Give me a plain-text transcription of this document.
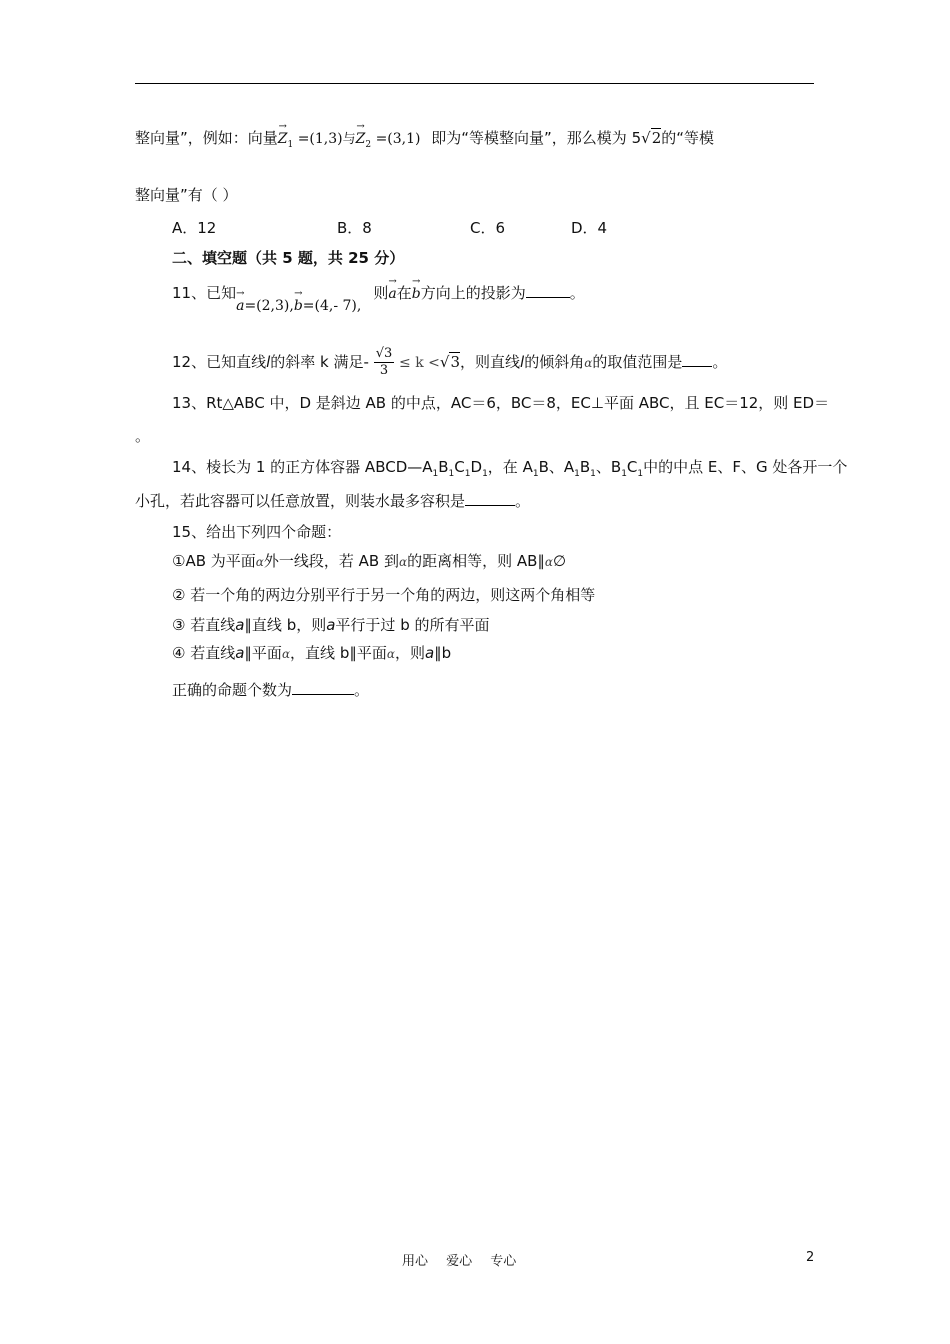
整向量”，例如：向量→ $Z_1 =(1,3)$与→ $Z_2 =(3,1)$ 即为“等模整向量”，那么模为 5√2的“等模
整向量”有（ ）
A．12	B．8	C．6	D．4
二、填空题（共 5 题，共 25 分）
11、已知→ a=(2,3),→ b=(4,- 7),则→ a在→ b方向上的投影为	。
12、已知直线l的斜率 k 满足- $\frac{√3}{3} \le k <√3$，则直线l的倾斜角α的取值范围是 。
13、Rt△ABC 中，D 是斜边 AB 的中点，AC＝6，BC＝8，EC⊥平面 ABC，且 EC＝12，则 ED＝
。
14、棱长为 1 的正方体容器 $ABCD—A_1B_1C_1D_1$，在 $A_1B$、$A_1B_1$、$B_1C_1$中的中点 E、F、G 处各开一个
小孔，若此容器可以任意放置，则装水最多容积是	。
15、给出下列四个命题：
①AB 为平面α外一线段，若 AB 到α的距离相等，则 AB∥α∅
② 若一个角的两边分别平行于另一个角的两边，则这两个角相等
③ 若直线a∥直线 b，则a平行于过 b 的所有平面
④ 若直线a∥平面α，直线 b∥平面α，则a∥b
正确的命题个数为	。
用心 爱心 专心	2
